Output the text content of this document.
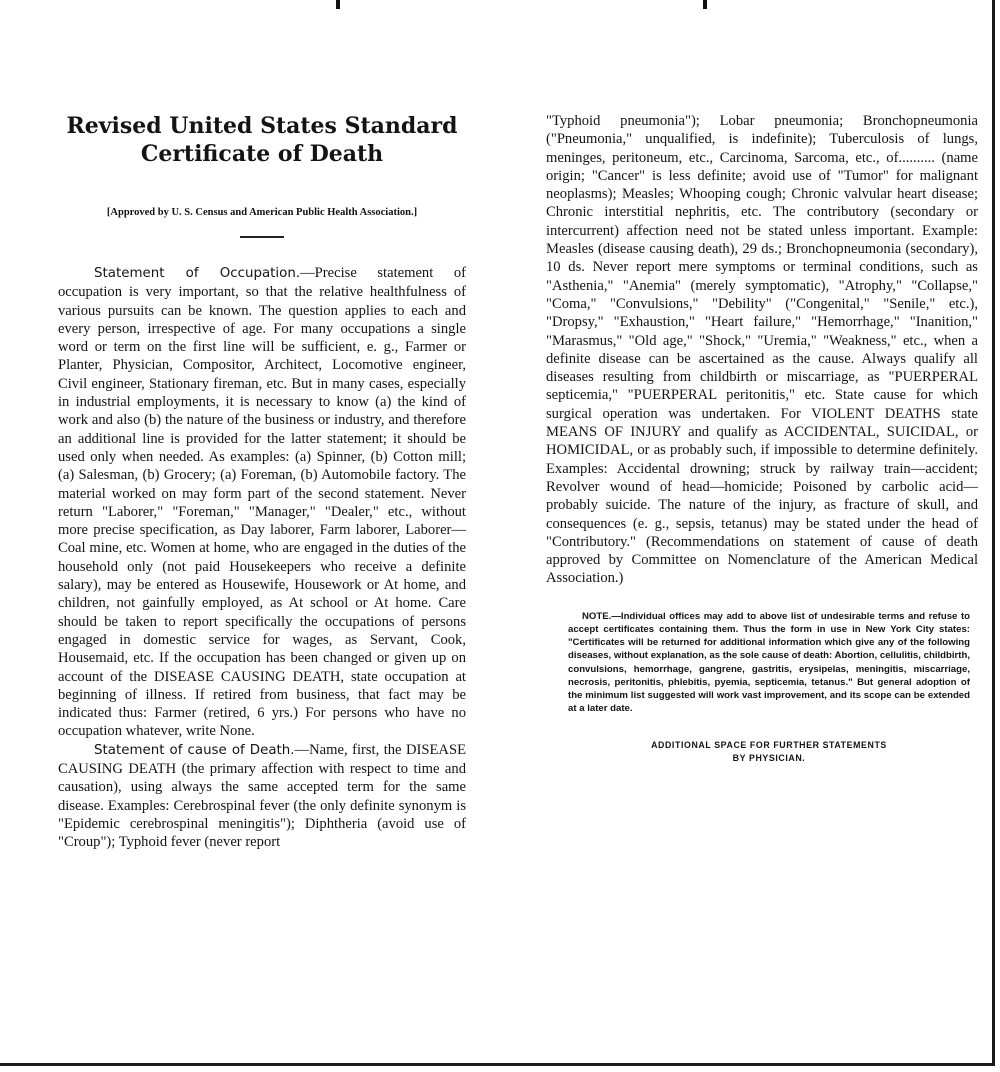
Revised United States Standard Certificate of Death

[Approved by U. S. Census and American Public Health Association.]

Statement of Occupation.—Precise statement of occupation is very important, so that the relative healthfulness of various pursuits can be known. The question applies to each and every person, irrespective of age. For many occupations a single word or term on the first line will be sufficient, e. g., Farmer or Planter, Physician, Compositor, Architect, Locomotive engineer, Civil engineer, Stationary fireman, etc. But in many cases, especially in industrial employments, it is necessary to know (a) the kind of work and also (b) the nature of the business or industry, and therefore an additional line is provided for the latter statement; it should be used only when needed. As examples: (a) Spinner, (b) Cotton mill; (a) Salesman, (b) Grocery; (a) Foreman, (b) Automobile factory. The material worked on may form part of the second statement. Never return "Laborer," "Foreman," "Manager," "Dealer," etc., without more precise specification, as Day laborer, Farm laborer, Laborer— Coal mine, etc. Women at home, who are engaged in the duties of the household only (not paid Housekeepers who receive a definite salary), may be entered as Housewife, Housework or At home, and children, not gainfully employed, as At school or At home. Care should be taken to report specifically the occupations of persons engaged in domestic service for wages, as Servant, Cook, Housemaid, etc. If the occupation has been changed or given up on account of the DISEASE CAUSING DEATH, state occupation at beginning of illness. If retired from business, that fact may be indicated thus: Farmer (retired, 6 yrs.) For persons who have no occupation whatever, write None.

Statement of cause of Death.—Name, first, the DISEASE CAUSING DEATH (the primary affection with respect to time and causation), using always the same accepted term for the same disease. Examples: Cerebrospinal fever (the only definite synonym is "Epidemic cerebrospinal meningitis"); Diphtheria (avoid use of "Croup"); Typhoid fever (never report

"Typhoid pneumonia"); Lobar pneumonia; Bronchopneumonia ("Pneumonia," unqualified, is indefinite); Tuberculosis of lungs, meninges, peritoneum, etc., Carcinoma, Sarcoma, etc., of.......... (name origin; "Cancer" is less definite; avoid use of "Tumor" for malignant neoplasms); Measles; Whooping cough; Chronic valvular heart disease; Chronic interstitial nephritis, etc. The contributory (secondary or intercurrent) affection need not be stated unless important. Example: Measles (disease causing death), 29 ds.; Bronchopneumonia (secondary), 10 ds. Never report mere symptoms or terminal conditions, such as "Asthenia," "Anemia" (merely symptomatic), "Atrophy," "Collapse," "Coma," "Convulsions," "Debility" ("Congenital," "Senile," etc.), "Dropsy," "Exhaustion," "Heart failure," "Hemorrhage," "Inanition," "Marasmus," "Old age," "Shock," "Uremia," "Weakness," etc., when a definite disease can be ascertained as the cause. Always qualify all diseases resulting from childbirth or miscarriage, as "PUERPERAL septicemia," "PUERPERAL peritonitis," etc. State cause for which surgical operation was undertaken. For VIOLENT DEATHS state MEANS OF INJURY and qualify as ACCIDENTAL, SUICIDAL, or HOMICIDAL, or as probably such, if impossible to determine definitely. Examples: Accidental drowning; struck by railway train—accident; Revolver wound of head—homicide; Poisoned by carbolic acid—probably suicide. The nature of the injury, as fracture of skull, and consequences (e. g., sepsis, tetanus) may be stated under the head of "Contributory." (Recommendations on statement of cause of death approved by Committee on Nomenclature of the American Medical Association.)

NOTE.—Individual offices may add to above list of undesirable terms and refuse to accept certificates containing them. Thus the form in use in New York City states: "Certificates will be returned for additional information which give any of the following diseases, without explanation, as the sole cause of death: Abortion, cellulitis, childbirth, convulsions, hemorrhage, gangrene, gastritis, erysipelas, meningitis, miscarriage, necrosis, peritonitis, phlebitis, pyemia, septicemia, tetanus." But general adoption of the minimum list suggested will work vast improvement, and its scope can be extended at a later date.

ADDITIONAL SPACE FOR FURTHER STATEMENTS
BY PHYSICIAN.
